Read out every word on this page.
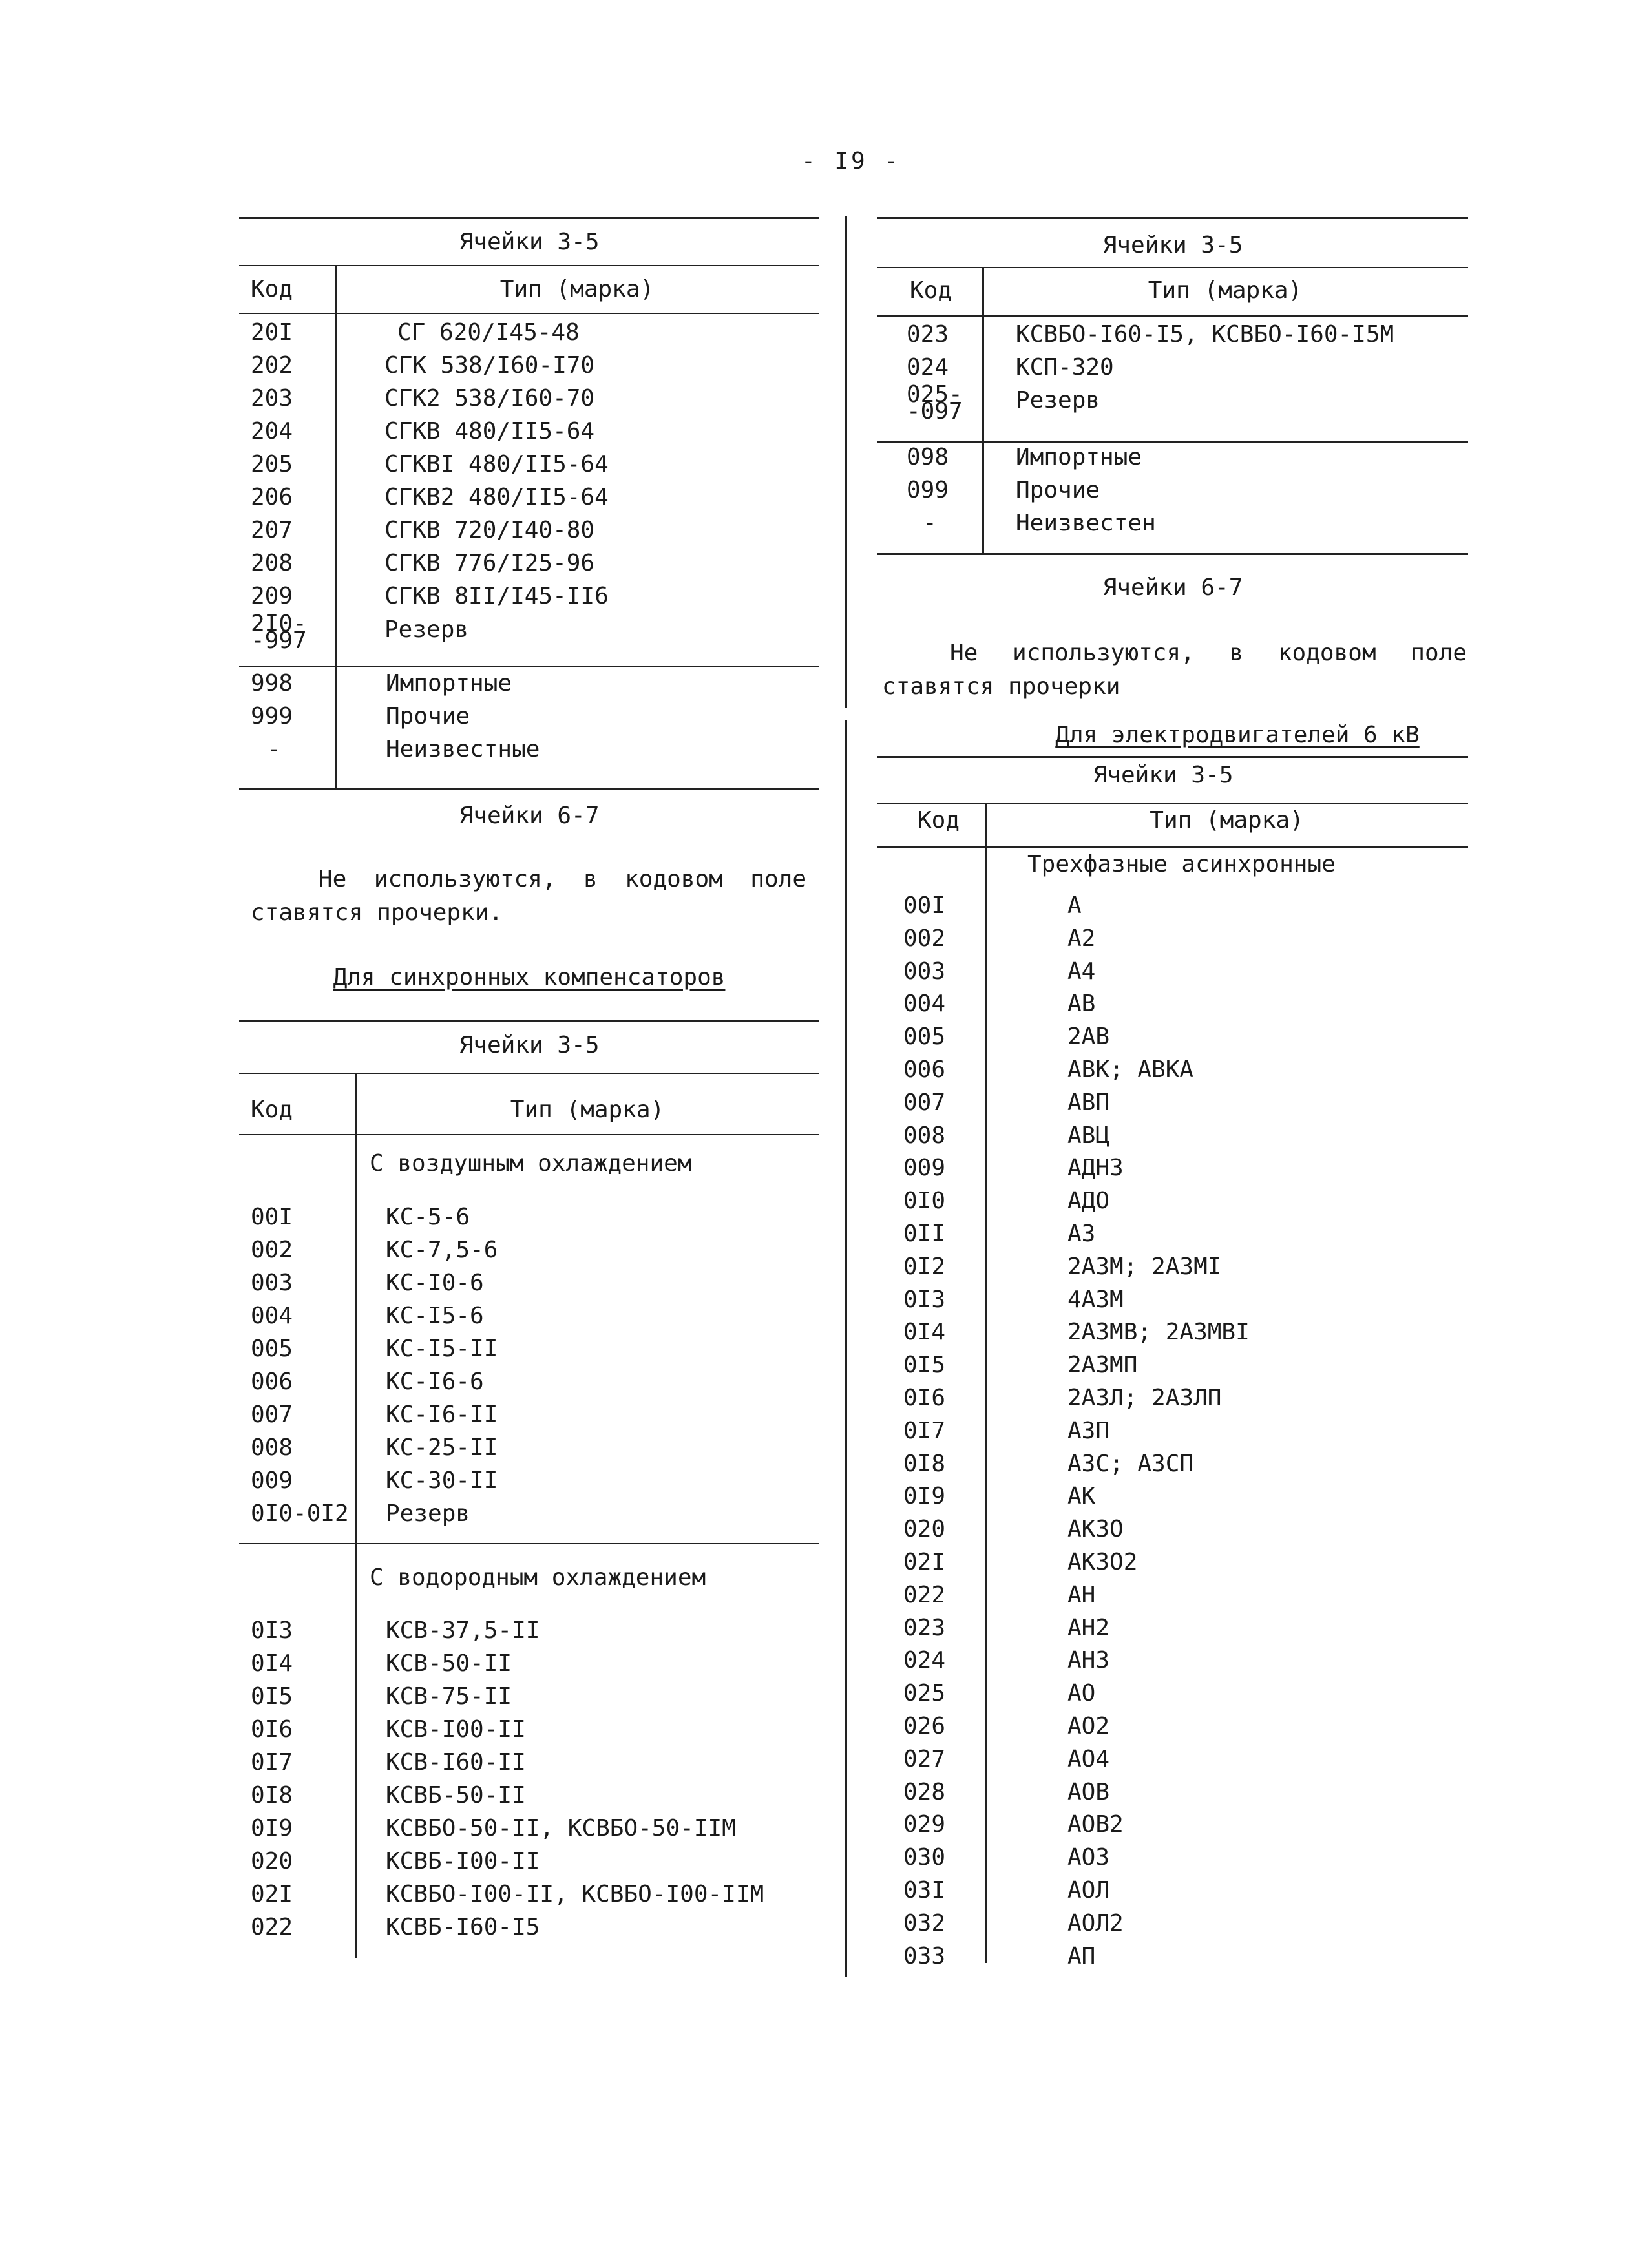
- I9 -
Ячейки 3-5
Код	Тип (марка)
20I	СГ 620/I45-48
202	СГК 538/I60-I70
203	СГК2 538/I60-70
204	СГКВ 480/II5-64
205	СГКВI 480/II5-64
206	СГКВ2 480/II5-64
207	СГКВ 720/I40-80
208	СГКВ 776/I25-96
209	СГКВ 8II/I45-II6
2I0-
-997	Резерв
998	Импортные
999	Прочие
-	Неизвестные
Ячейки 6-7
Не используются, в кодовом поле ставятся прочерки.
Для синхронных компенсаторов
Ячейки 3-5
Код	Тип (марка)
С воздушным охлаждением
00I	КС-5-6
002	КС-7,5-6
003	КС-I0-6
004	КС-I5-6
005	КС-I5-II
006	КС-I6-6
007	КС-I6-II
008	КС-25-II
009	КС-30-II
0I0-0I2 Резерв
С водородным охлаждением
0I3	КСВ-37,5-II
0I4	КСВ-50-II
0I5	КСВ-75-II
0I6	КСВ-I00-II
0I7	КСВ-I60-II
0I8	КСВБ-50-II
0I9	КСВБО-50-II, КСВБО-50-IIМ
020	КСВБ-I00-II
02I	КСВБО-I00-II, КСВБО-I00-IIМ
022	КСВБ-I60-I5
Ячейки 3-5
Код	Тип (марка)
023	КСВБО-I60-I5, КСВБО-I60-I5М
024	КСП-320
025-
-097 Резерв
098	Импортные
099	Прочие
-	Неизвестен
Ячейки 6-7
Не используются, в кодовом поле ставятся прочерки
Для электродвигателей 6 кВ
Ячейки 3-5
Код	Тип (марка)
Трехфазные асинхронные
00I	А
002	А2
003	А4
004	АВ
005	2АВ
006	АВК; АВКА
007	АВП
008	АВЦ
009	АДНЗ
0I0	АДО
0II	АЗ
0I2	2АЗМ; 2АЗМI
0I3	4АЗМ
0I4	2АЗМВ; 2АЗМВI
0I5	2АЗМП
0I6	2АЗЛ; 2АЗЛП
0I7	АЗП
0I8	АЗС; АЗСП
0I9	АК
020	АКЗО
02I	АКЗО2
022	АН
023	АН2
024	АНЗ
025	АО
026	АО2
027	АО4
028	АОВ
029	АОВ2
030	АОЗ
03I	АОЛ
032	АОЛ2
033	АП
